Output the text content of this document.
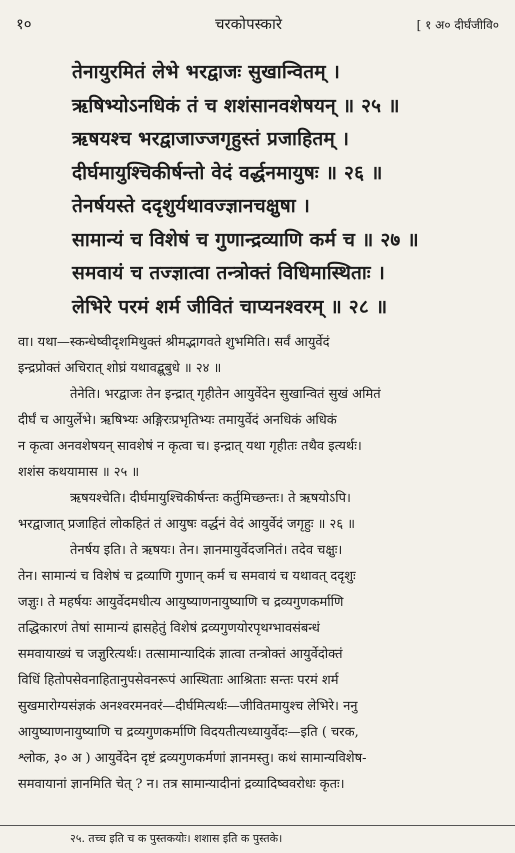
१०	चरकोपस्कारे	[ १ अ० दीर्घंजीवि०
तेनायुरमितं लेभे भरद्वाजः सुखान्वितम् ।
ऋषिभ्योऽनधिकं तं च शशंसानवशेषयन् ॥ २५ ॥
ऋषयश्च भरद्वाजाज्जगृहुस्तं प्रजाहितम् ।
दीर्घमायुश्चिकीर्षन्तो वेदं वर्द्धनमायुषः ॥ २६ ॥
तेनर्षयस्ते ददृशुर्यथावज्ज्ञानचक्षुषा ।
सामान्यं च विशेषं च गुणान्द्रव्याणि कर्म च ॥ २७ ॥
समवायं च तज्ज्ञात्वा तन्त्रोक्तं विधिमास्थिताः ।
लेभिरे परमं शर्म जीवितं चाप्यनश्वरम् ॥ २८ ॥
वा। यथा—स्कन्धेष्वीदृशमिथुक्तं श्रीमद्भागवते शुभमिति। सर्वं आयुर्वेदं
इन्द्रप्रोक्तं अचिरात् शोघ्रं यथावद्बुबुधे ॥ २४ ॥
तेनेति। भरद्वाजः तेन इन्द्रात् गृहीतेन आयुर्वेदेन सुखान्वितं सुखं अमितं
दीर्घं च आयुर्लेभे। ऋषिभ्यः अङ्गिरःप्रभृतिभ्यः तमायुर्वेदं अनधिकं अधिकं
न कृत्वा अनवशेषयन् सावशेषं न कृत्वा च। इन्द्रात् यथा गृहीतः तथैव इत्यर्थः।
शशंस कथयामास ॥ २५ ॥
ऋषयश्चेति। दीर्घमायुश्चिकीर्षन्तः कर्तुमिच्छन्तः। ते ऋषयोऽपि।
भरद्वाजात् प्रजाहितं लोकहितं तं आयुषः वर्द्धनं वेदं आयुर्वेदं जगृहुः ॥ २६ ॥
तेनर्षय इति। ते ऋषयः। तेन। ज्ञानमायुर्वेदजनितं। तदेव चक्षुः।
तेन। सामान्यं च विशेषं च द्रव्याणि गुणान् कर्म च समवायं च यथावत् ददृशुः
जज्ञुः। ते महर्षयः आयुर्वेदमधीत्य आयुष्याणनायुष्याणि च द्रव्यगुणकर्माणि
तद्धिकारणं तेषां सामान्यं ह्रासहेतुं विशेषं द्रव्यगुणयोरपृथग्भावसंबन्धं
समवायाख्यं च जज्ञुरित्यर्थः। तत्सामान्यादिकं ज्ञात्वा तन्त्रोक्तं आयुर्वेदोक्तं
विधिं हितोपसेवनाहितानुपसेवनरूपं आस्थिताः आश्रिताः सन्तः परमं शर्म
सुखमारोग्यसंज्ञकं अनश्वरमनवरं—दीर्घमित्यर्थः—जीवितमायुश्च लेभिरे। ननु
आयुष्याणनायुष्याणि च द्रव्यगुणकर्माणि विदयतीत्यध्यायुर्वेदः—इति ( चरक,
श्लोक, ३० अ ) आयुर्वेदेन दृष्टं द्रव्यगुणकर्मणां ज्ञानमस्तु। कथं सामान्यविशेष-
समवायानां ज्ञानमिति चेत् ? न। तत्र सामान्यादीनां द्रव्यादिष्ववरोधः कृतः।
२५. तच्च इति च क पुस्तकयोः। शशास इति क पुस्तके।
